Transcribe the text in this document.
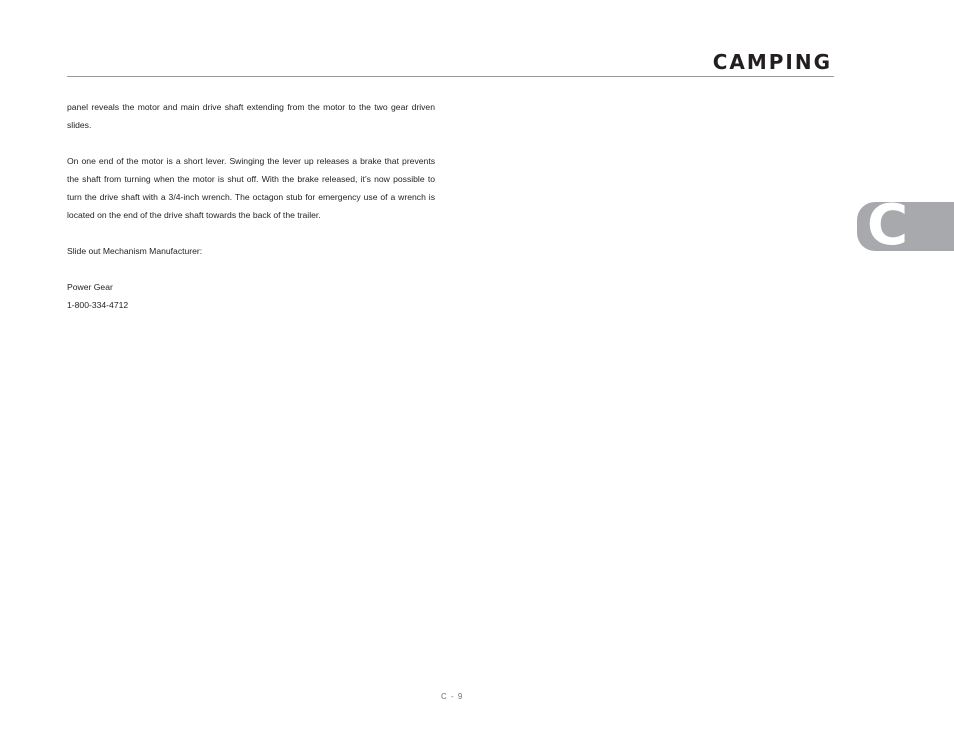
CAMPING

panel reveals the motor and main drive shaft extending from the motor to the two gear driven slides.

On one end of the motor is a short lever. Swinging the lever up releases a brake that prevents the shaft from turning when the motor is shut off. With the brake released, it’s now possible to turn the drive shaft with a 3/4-inch wrench. The octagon stub for emergency use of a wrench is located on the end of the drive shaft towards the back of the trailer.

Slide out Mechanism Manufacturer:

Power Gear
1-800-334-4712
C
C - 9
